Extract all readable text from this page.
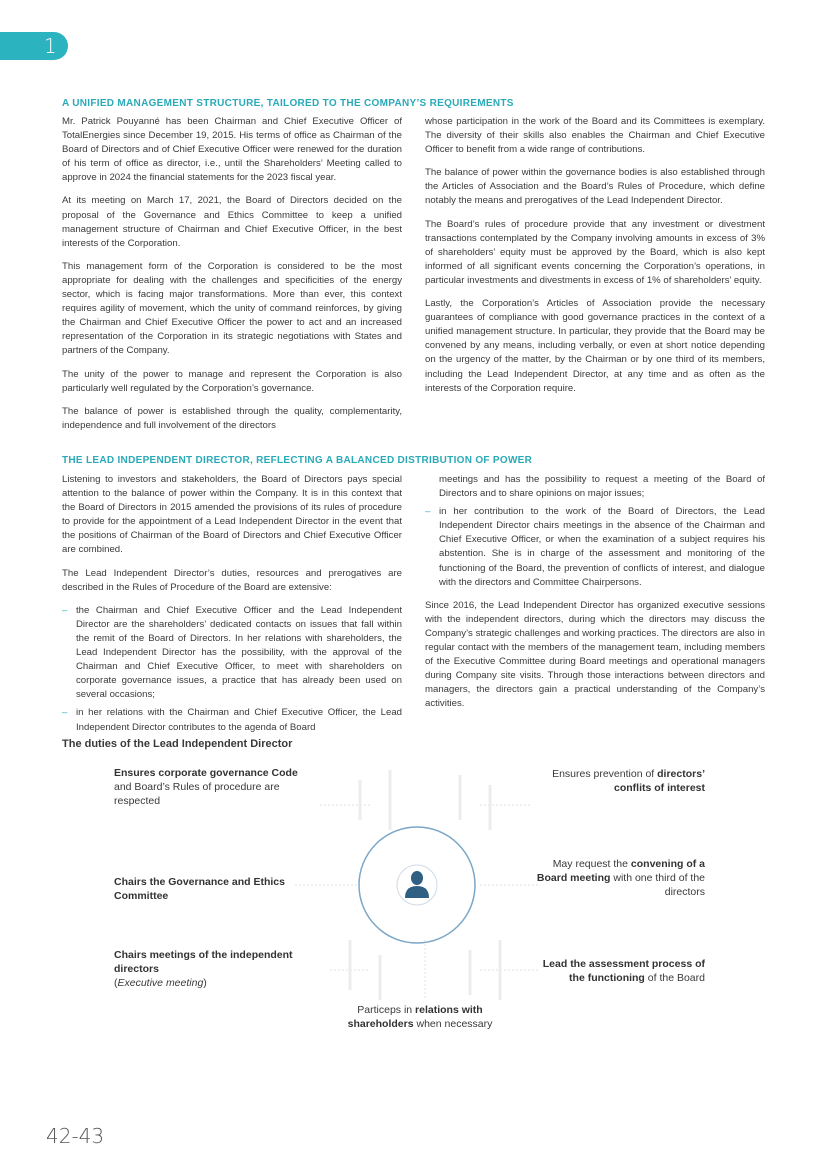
1
A UNIFIED MANAGEMENT STRUCTURE, TAILORED TO THE COMPANY’S REQUIREMENTS

Mr. Patrick Pouyanné has been Chairman and Chief Executive Officer of TotalEnergies since December 19, 2015. His terms of office as Chairman of the Board of Directors and of Chief Executive Officer were renewed for the duration of his term of office as director, i.e., until the Shareholders’ Meeting called to approve in 2024 the financial statements for the 2023 fiscal year.

At its meeting on March 17, 2021, the Board of Directors decided on the proposal of the Governance and Ethics Committee to keep a unified management structure of Chairman and Chief Executive Officer, in the best interests of the Corporation.

This management form of the Corporation is considered to be the most appropriate for dealing with the challenges and specificities of the energy sector, which is facing major transformations. More than ever, this context requires agility of movement, which the unity of command reinforces, by giving the Chairman and Chief Executive Officer the power to act and an increased representation of the Corporation in its strategic negotiations with States and partners of the Company.

The unity of the power to manage and represent the Corporation is also particularly well regulated by the Corporation’s governance.

The balance of power is established through the quality, complementarity, independence and full involvement of the directors

whose participation in the work of the Board and its Committees is exemplary. The diversity of their skills also enables the Chairman and Chief Executive Officer to benefit from a wide range of contributions.

The balance of power within the governance bodies is also established through the Articles of Association and the Board’s Rules of Procedure, which define notably the means and prerogatives of the Lead Independent Director.

The Board’s rules of procedure provide that any investment or divestment transactions contemplated by the Company involving amounts in excess of 3% of shareholders’ equity must be approved by the Board, which is also kept informed of all significant events concerning the Corporation’s operations, in particular investments and divestments in excess of 1% of shareholders’ equity.

Lastly, the Corporation’s Articles of Association provide the necessary guarantees of compliance with good governance practices in the context of a unified management structure. In particular, they provide that the Board may be convened by any means, including verbally, or even at short notice depending on the urgency of the matter, by the Chairman or by one third of its members, including the Lead Independent Director, at any time and as often as the interests of the Corporation require.

THE LEAD INDEPENDENT DIRECTOR, REFLECTING A BALANCED DISTRIBUTION OF POWER

Listening to investors and stakeholders, the Board of Directors pays special attention to the balance of power within the Company. It is in this context that the Board of Directors in 2015 amended the provisions of its rules of procedure to provide for the appointment of a Lead Independent Director in the event that the positions of Chairman of the Board of Directors and Chief Executive Officer are combined.

The Lead Independent Director’s duties, resources and prerogatives are described in the Rules of Procedure of the Board are extensive:

– the Chairman and Chief Executive Officer and the Lead Independent Director are the shareholders’ dedicated contacts on issues that fall within the remit of the Board of Directors. In her relations with shareholders, the Lead Independent Director has the possibility, with the approval of the Chairman and Chief Executive Officer, to meet with shareholders on corporate governance issues, a practice that has already been used on several occasions;
– in her relations with the Chairman and Chief Executive Officer, the Lead Independent Director contributes to the agenda of Board
meetings and has the possibility to request a meeting of the Board of Directors and to share opinions on major issues;
– in her contribution to the work of the Board of Directors, the Lead Independent Director chairs meetings in the absence of the Chairman and Chief Executive Officer, or when the examination of a subject requires his abstention. She is in charge of the assessment and monitoring of the functioning of the Board, the prevention of conflicts of interest, and dialogue with the directors and Committee Chairpersons.

Since 2016, the Lead Independent Director has organized executive sessions with the independent directors, during which the directors may discuss the Company’s strategic challenges and working practices. The directors are also in regular contact with the members of the management team, including members of the Executive Committee during Board meetings and operational managers during Company site visits. Through those interactions between directors and managers, the directors gain a practical understanding of the Company’s activities.

The duties of the Lead Independent Director
Ensures corporate governance Code
and Board’s Rules of procedure are respected
Chairs the Governance and Ethics Committee
Chairs meetings of the independent directors
(Executive meeting)
Ensures prevention of directors’ conflits of interest
May request the convening of a Board meeting with one third of the directors
Lead the assessment process of the functioning of the Board
Particeps in relations with
shareholders when necessary
42-43
